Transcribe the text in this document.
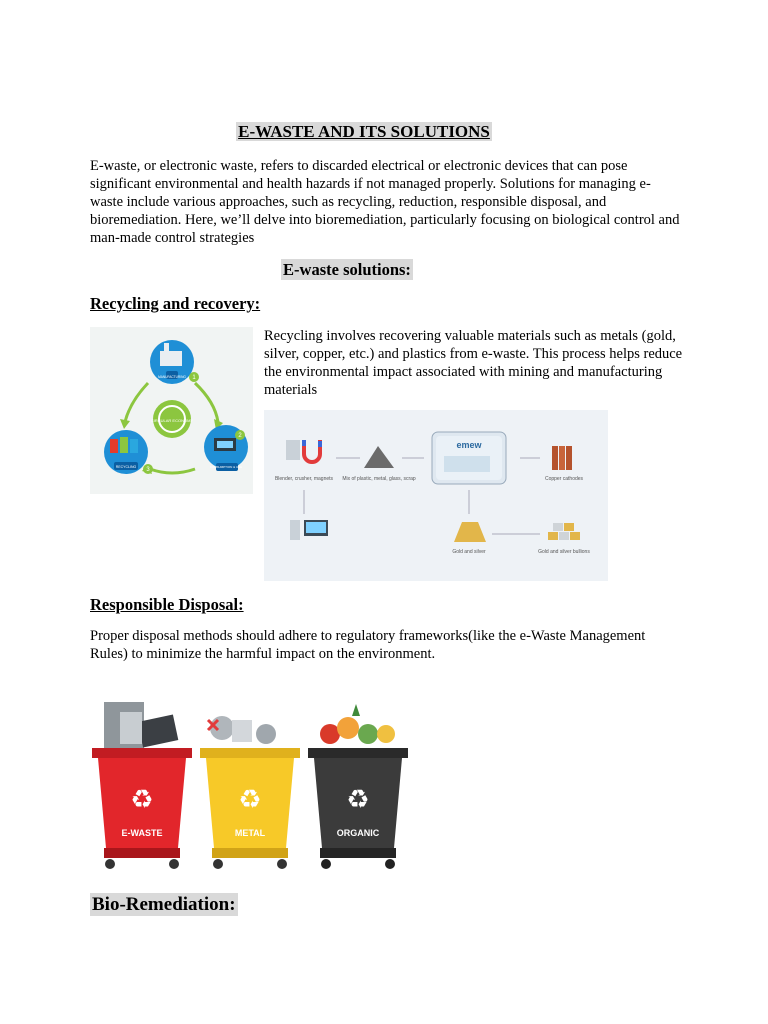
E-WASTE AND ITS SOLUTIONS
E-waste, or electronic waste, refers to discarded electrical or electronic devices that can pose significant environmental and health hazards if not managed properly. Solutions for managing e-waste include various approaches, such as recycling, reduction, responsible disposal, and bioremediation. Here, we’ll delve into bioremediation, particularly focusing on biological control and man-made control strategies
E-waste solutions:
Recycling and recovery:
CIRCULAR ECONOMY
MANUFACTURING 1
CONSUMPTION & USE
2
RECYCLING 3
Recycling involves recovering valuable materials such as metals (gold, silver, copper, etc.) and plastics from e-waste. This process helps reduce the environmental impact associated with mining and manufacturing materials
Blender, crusher, magnets Mix of plastic, metal, glass, scrap
emew
Copper cathodes
Gold and silver	Gold and silver bullions
Responsible Disposal:
Proper disposal methods should adhere to regulatory frameworks(like the e-Waste Management Rules) to minimize the harmful impact on the environment.
♻
E-WASTE
♻
METAL
♻
ORGANIC
Bio-Remediation:
